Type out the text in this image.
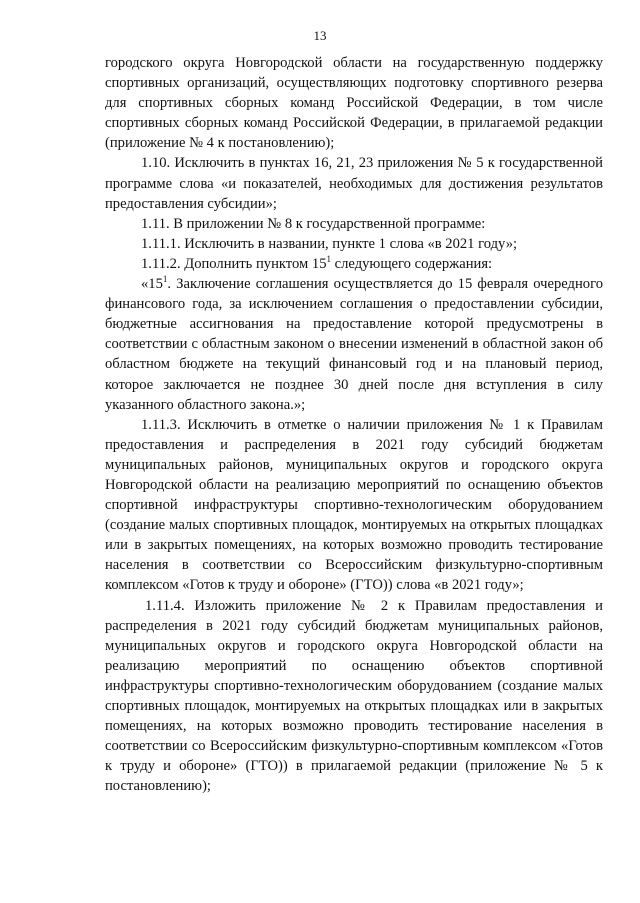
13

городского округа Новгородской области на государственную поддержку спортивных организаций, осуществляющих подготовку спортивного резерва для спортивных сборных команд Российской Федерации, в том числе спортивных сборных команд Российской Федерации, в прилагаемой редакции (приложение № 4 к постановлению);

1.10. Исключить в пунктах 16, 21, 23 приложения № 5 к государственной программе слова «и показателей, необходимых для достижения результатов предоставления субсидии»;

1.11. В приложении № 8 к государственной программе:

1.11.1. Исключить в названии, пункте 1 слова «в 2021 году»;

1.11.2. Дополнить пунктом $15^1$ следующего содержания:

«$15^1$. Заключение соглашения осуществляется до 15 февраля очередного финансового года, за исключением соглашения о предоставлении субсидии, бюджетные ассигнования на предоставление которой предусмотрены в соответствии с областным законом о внесении изменений в областной закон об областном бюджете на текущий финансовый год и на плановый период, которое заключается не позднее 30 дней после дня вступления в силу указанного областного закона.»;

1.11.3. Исключить в отметке о наличии приложения № 1 к Правилам предоставления и распределения в 2021 году субсидий бюджетам муниципальных районов, муниципальных округов и городского округа Новгородской области на реализацию мероприятий по оснащению объектов спортивной инфраструктуры спортивно-технологическим оборудованием (создание малых спортивных площадок, монтируемых на открытых площадках или в закрытых помещениях, на которых возможно проводить тестирование населения в соответствии со Всероссийским физкультурно-спортивным комплексом «Готов к труду и обороне» (ГТО)) слова «в 2021 году»;

1.11.4. Изложить приложение № 2 к Правилам предоставления и распределения в 2021 году субсидий бюджетам муниципальных районов, муниципальных округов и городского округа Новгородской области на реализацию мероприятий по оснащению объектов спортивной инфраструктуры спортивно-технологическим оборудованием (создание малых спортивных площадок, монтируемых на открытых площадках или в закрытых помещениях, на которых возможно проводить тестирование населения в соответствии со Всероссийским физкультурно-спортивным комплексом «Готов к труду и обороне» (ГТО)) в прилагаемой редакции (приложение № 5 к постановлению);
